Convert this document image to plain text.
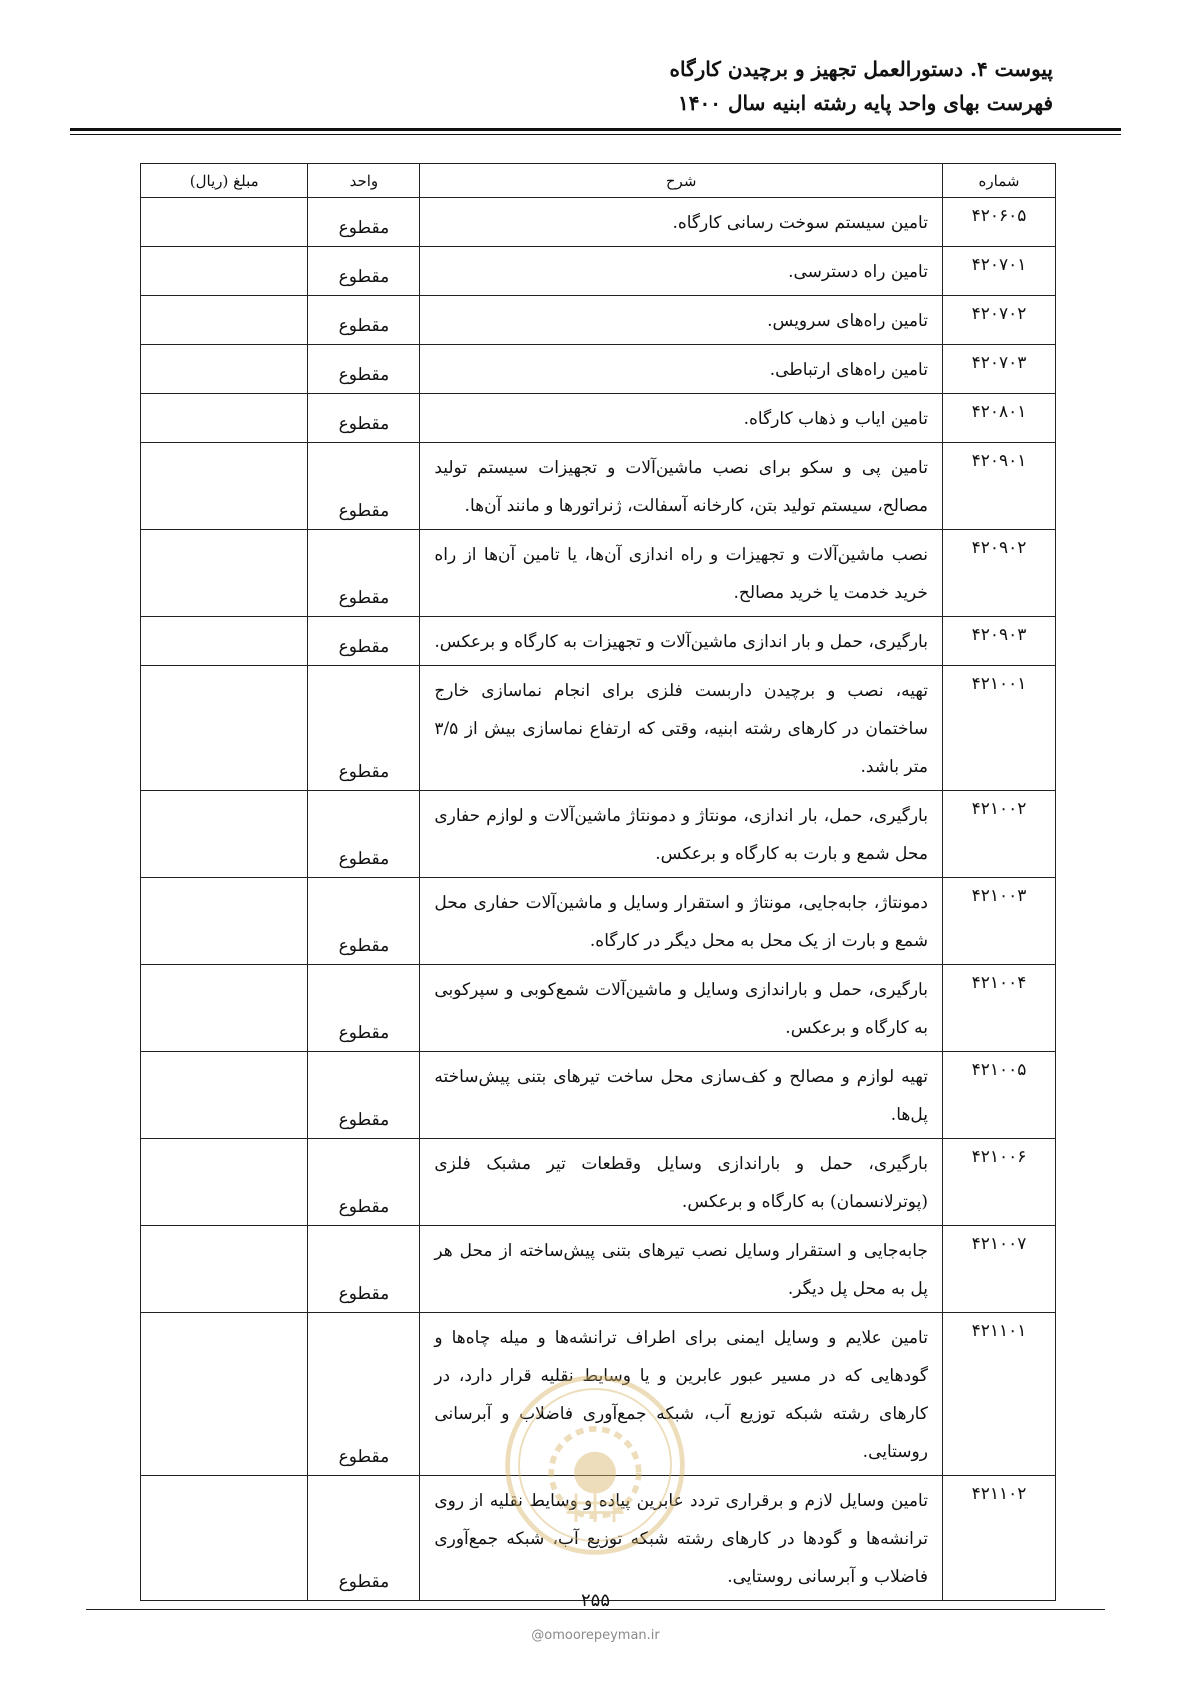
پیوست ۴. دستورالعمل تجهیز و برچیدن کارگاه
فهرست بهای واحد پایه رشته ابنیه سال ۱۴۰۰
شماره	شرح	واحد	مبلغ (ریال)
۴۲۰۶۰۵	تامین سیستم سوخت رسانی کارگاه.	مقطوع	
۴۲۰۷۰۱	تامین راه دسترسی.	مقطوع	
۴۲۰۷۰۲	تامین راه‌های سرویس.	مقطوع	
۴۲۰۷۰۳	تامین راه‌های ارتباطی.	مقطوع	
۴۲۰۸۰۱	تامین ایاب و ذهاب کارگاه.	مقطوع	
۴۲۰۹۰۱	تامین پی و سکو برای نصب ماشین‌آلات و تجهیزات سیستم تولید مصالح، سیستم تولید بتن، کارخانه آسفالت، ژنراتورها و مانند آن‌ها.	مقطوع	
۴۲۰۹۰۲	نصب ماشین‌آلات و تجهیزات و راه اندازی آن‌ها، یا تامین آن‌ها از راه خرید خدمت یا خرید مصالح.	مقطوع	
۴۲۰۹۰۳	بارگیری، حمل و بار اندازی ماشین‌آلات و تجهیزات به کارگاه و برعکس.	مقطوع	
۴۲۱۰۰۱	تهیه، نصب و برچیدن داربست فلزی برای انجام نماسازی خارج ساختمان در کارهای رشته ابنیه، وقتی که ارتفاع نماسازی بیش از ۳/۵ متر باشد.	مقطوع	
۴۲۱۰۰۲	بارگیری، حمل، بار اندازی، مونتاژ و دمونتاژ ماشین‌آلات و لوازم حفاری محل شمع و بارت به کارگاه و برعکس.	مقطوع	
۴۲۱۰۰۳	دمونتاژ، جابه‌جایی، مونتاژ و استقرار وسایل و ماشین‌آلات حفاری محل شمع و بارت از یک محل به محل دیگر در کارگاه.	مقطوع	
۴۲۱۰۰۴	بارگیری، حمل و باراندازی وسایل و ماشین‌آلات شمع‌کوبی و سپرکوبی به کارگاه و برعکس.	مقطوع	
۴۲۱۰۰۵	تهیه لوازم و مصالح و کف‌سازی محل ساخت تیرهای بتنی پیش‌ساخته پل‌ها.	مقطوع	
۴۲۱۰۰۶	بارگیری، حمل و باراندازی وسایل وقطعات تیر مشبک فلزی (پوترلانسمان) به کارگاه و برعکس.	مقطوع	
۴۲۱۰۰۷	جابه‌جایی و استقرار وسایل نصب تیرهای بتنی پیش‌ساخته از محل هر پل به محل پل دیگر.	مقطوع	
۴۲۱۱۰۱	تامین علایم و وسایل ایمنی برای اطراف ترانشه‌ها و میله چاه‌ها و گودهایی که در مسیر عبور عابرین و یا وسایط نقلیه قرار دارد، در کارهای رشته شبکه توزیع آب، شبکه جمع‌آوری فاضلاب و آبرسانی روستایی.	مقطوع	
۴۲۱۱۰۲	تامین وسایل لازم و برقراری تردد عابرین پیاده و وسایط نقلیه از روی ترانشه‌ها و گودها در کارهای رشته شبکه توزیع آب، شبکه جمع‌آوری فاضلاب و آبرسانی روستایی.	مقطوع	
۲۵۵
@omoorepeyman.ir
